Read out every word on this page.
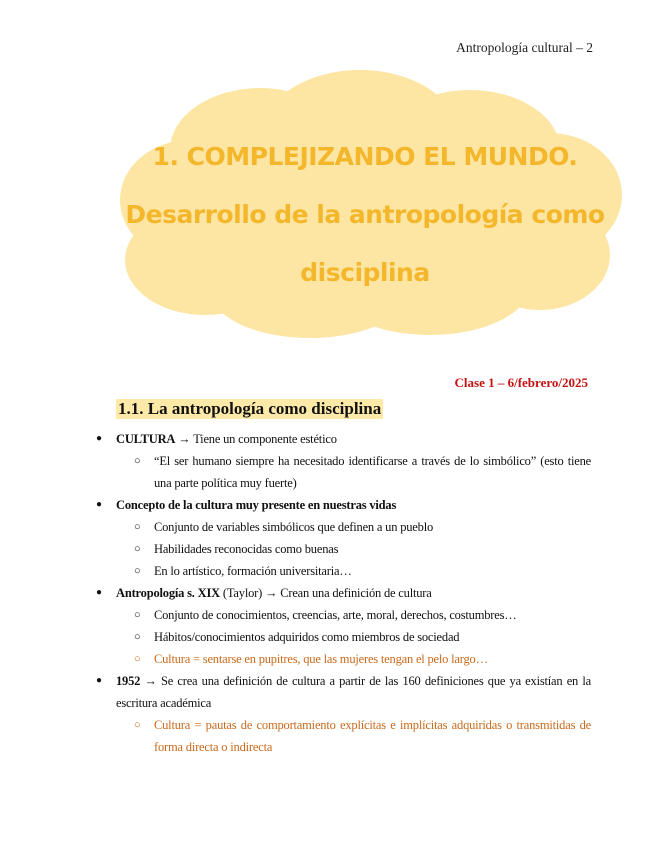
Antropología cultural – 2
1. COMPLEJIZANDO EL MUNDO.
Desarrollo de la antropología como
disciplina
Clase 1 – 6/febrero/2025
1.1. La antropología como disciplina
● CULTURA → Tiene un componente estético
○ “El ser humano siempre ha necesitado identificarse a través de lo simbólico” (esto tiene una parte política muy fuerte)
● Concepto de la cultura muy presente en nuestras vidas
○ Conjunto de variables simbólicos que definen a un pueblo
○ Habilidades reconocidas como buenas
○ En lo artístico, formación universitaria…
● Antropología s. XIX (Taylor) → Crean una definición de cultura
○ Conjunto de conocimientos, creencias, arte, moral, derechos, costumbres…
○ Hábitos/conocimientos adquiridos como miembros de sociedad
○ Cultura = sentarse en pupitres, que las mujeres tengan el pelo largo…
● 1952 → Se crea una definición de cultura a partir de las 160 definiciones que ya existían en la escritura académica
○ Cultura = pautas de comportamiento explícitas e implícitas adquiridas o transmitidas de forma directa o indirecta
